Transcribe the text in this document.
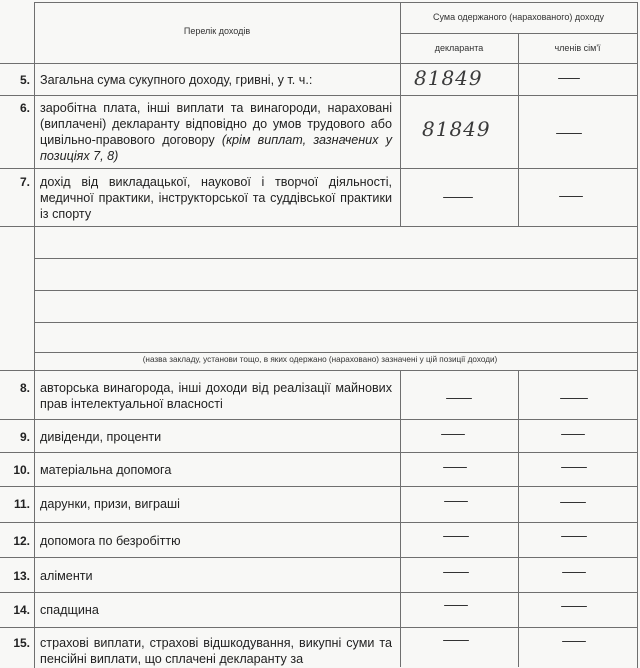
Перелік доходів
Сума одержаного (нарахованого) доходу
декларанта	членів сім'ї
5. Загальна сума сукупного доходу, гривні, у т. ч.:	81849
6. заробітна плата, інші виплати та винагороди, нараховані (виплачені) декларанту відповідно до умов трудового або цивільно-правового договору (крім виплат, зазначених у позиціях 7, 8)
81849
7. дохід від викладацької, наукової і творчої діяльності, медичної практики, інструкторської та суддівської практики із спорту
(назва закладу, установи тощо, в яких одержано (нараховано) зазначені у цій позиції доходи)
8. авторська винагорода, інші доходи від реалізації майнових прав інтелектуальної власності
9. дивіденди, проценти
10. матеріальна допомога
11. дарунки, призи, виграші
12. допомога по безробіттю
13. аліменти
14. спадщина
15. страхові виплати, страхові відшкодування, викупні суми та пенсійні виплати, що сплачені декларанту за
